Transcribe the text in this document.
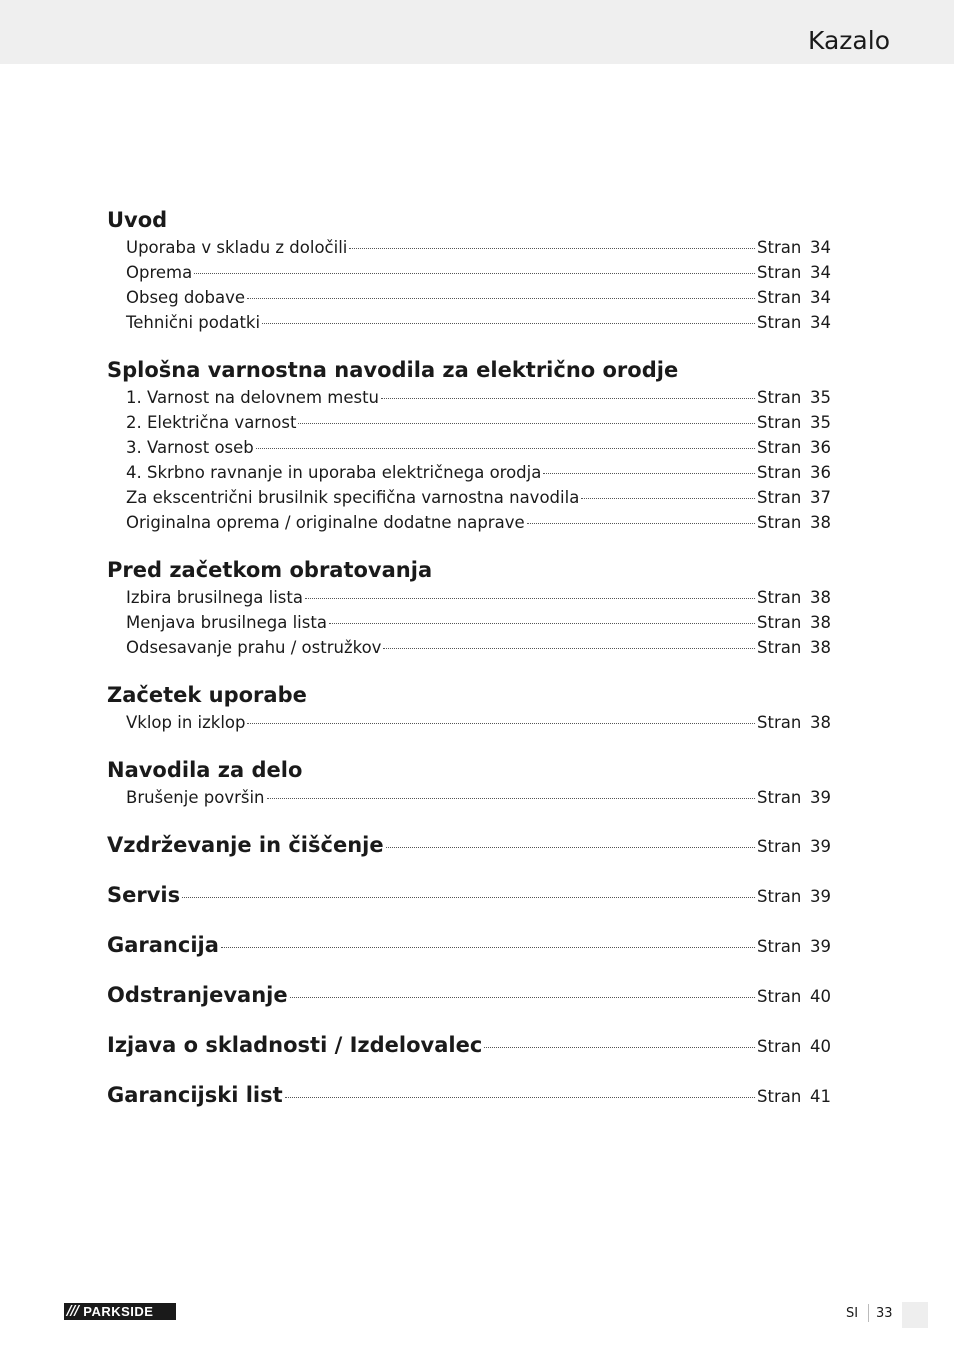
Kazalo
Uvod
Uporaba v skladu z določili	Stran 34
Oprema	Stran 34
Obseg dobave	Stran 34
Tehnični podatki	Stran 34
Splošna varnostna navodila za električno orodje
1. Varnost na delovnem mestu	Stran 35
2. Električna varnost	Stran 35
3. Varnost oseb	Stran 36
4. Skrbno ravnanje in uporaba električnega orodja	Stran 36
Za ekscentrični brusilnik specifična varnostna navodila	Stran 37
Originalna oprema / originalne dodatne naprave	Stran 38
Pred začetkom obratovanja
Izbira brusilnega lista	Stran 38
Menjava brusilnega lista	Stran 38
Odsesavanje prahu / ostružkov	Stran 38
Začetek uporabe
Vklop in izklop	Stran 38
Navodila za delo
Brušenje površin	Stran 39
Vzdrževanje in čiščenje	Stran 39
Servis	Stran 39
Garancija	Stran 39
Odstranjevanje	Stran 40
Izjava o skladnosti / Izdelovalec	Stran 40
Garancijski list	Stran 41
/// PARKSIDE	SI 33
